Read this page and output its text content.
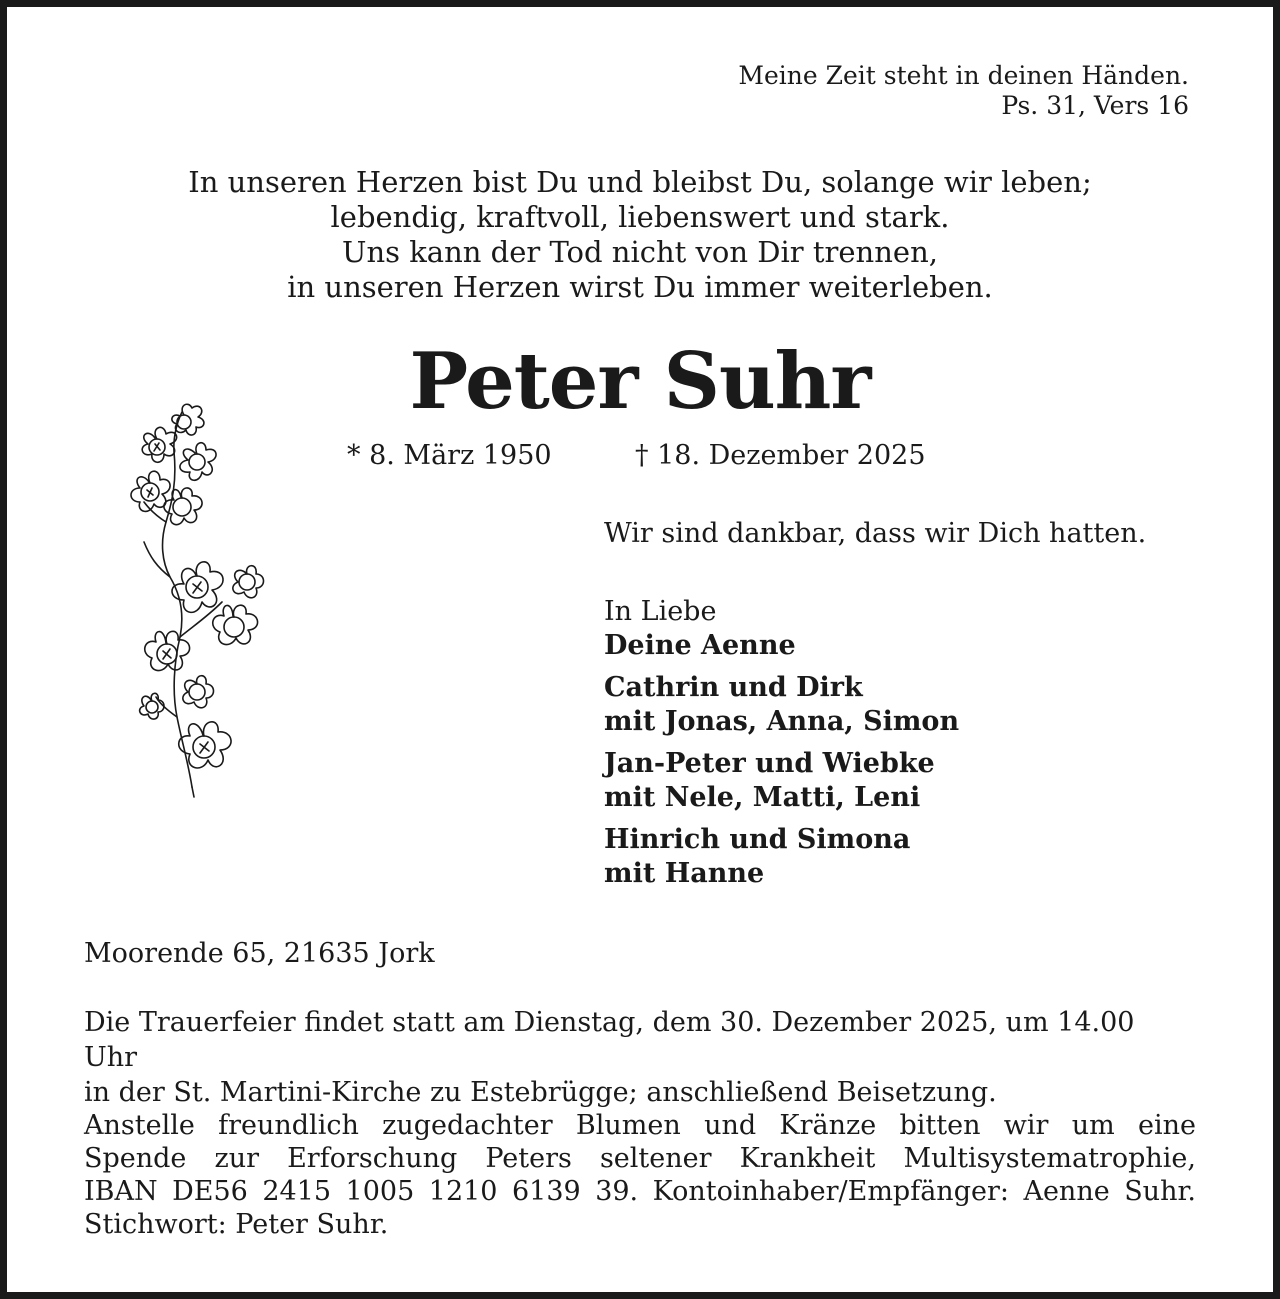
Meine Zeit steht in deinen Händen.
Ps. 31, Vers 16
In unseren Herzen bist Du und bleibst Du, solange wir leben;
lebendig, kraftvoll, liebenswert und stark.
Uns kann der Tod nicht von Dir trennen,
in unseren Herzen wirst Du immer weiterleben.
Peter Suhr
* 8. März 1950	† 18. Dezember 2025
Wir sind dankbar, dass wir Dich hatten.
In Liebe
Deine Aenne
Cathrin und Dirk
mit Jonas, Anna, Simon
Jan-Peter und Wiebke
mit Nele, Matti, Leni
Hinrich und Simona
mit Hanne
Moorende 65, 21635 Jork
Die Trauerfeier findet statt am Dienstag, dem 30. Dezember 2025, um 14.00 Uhr
in der St. Martini-Kirche zu Estebrügge; anschließend Beisetzung.
Anstelle freundlich zugedachter Blumen und Kränze bitten wir um eine
Spende zur Erforschung Peters seltener Krankheit Multisystematrophie,
IBAN DE56 2415 1005 1210 6139 39. Kontoinhaber/Empfänger: Aenne Suhr.
Stichwort: Peter Suhr.
